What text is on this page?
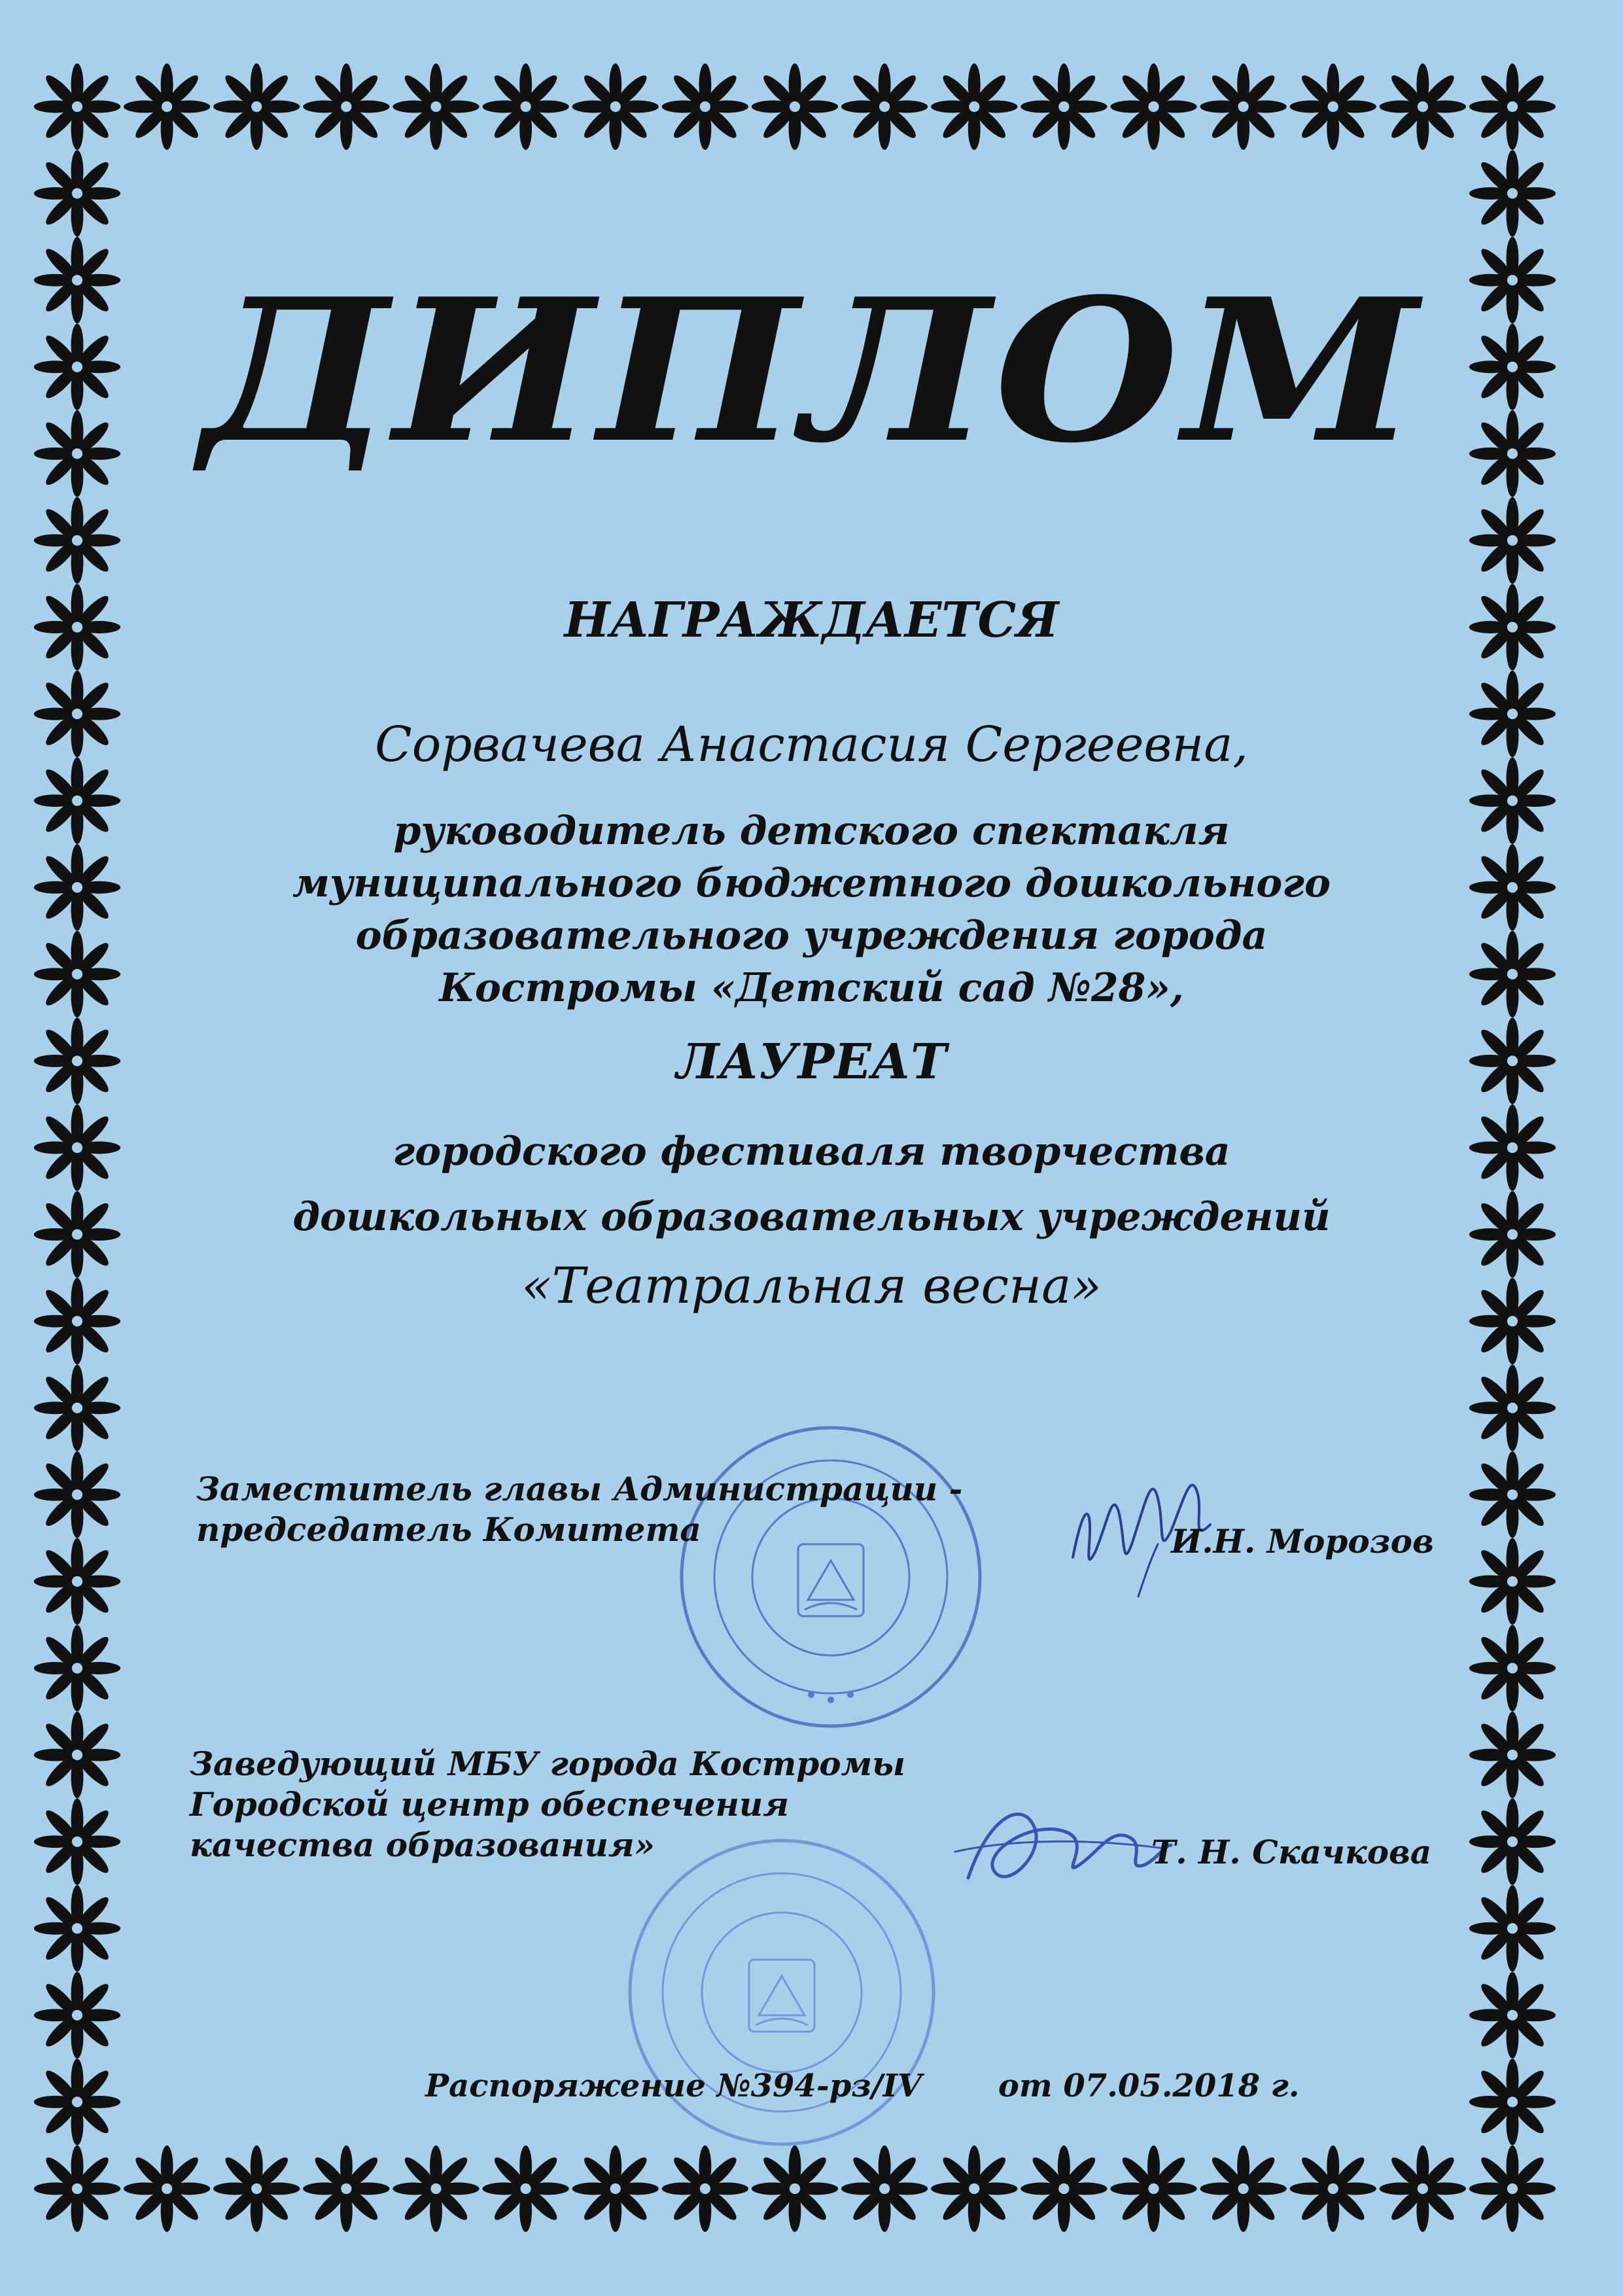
ДИПЛОМ
НАГРАЖДАЕТСЯ
Сорвачева Анастасия Сергеевна,
руководитель детского спектакля
муниципального бюджетного дошкольного
образовательного учреждения города
Костромы «Детский сад №28»,
ЛАУРЕАТ
городского фестиваля творчества
дошкольных образовательных учреждений
«Театральная весна»
Заместитель главы Администрации -
председатель Комитета	И.Н. Морозов
Заведующий МБУ города Костромы
Городской центр обеспечения
качества образования»	Т. Н. Скачкова
Распоряжение №394-рз/IV от 07.05.2018 г.
